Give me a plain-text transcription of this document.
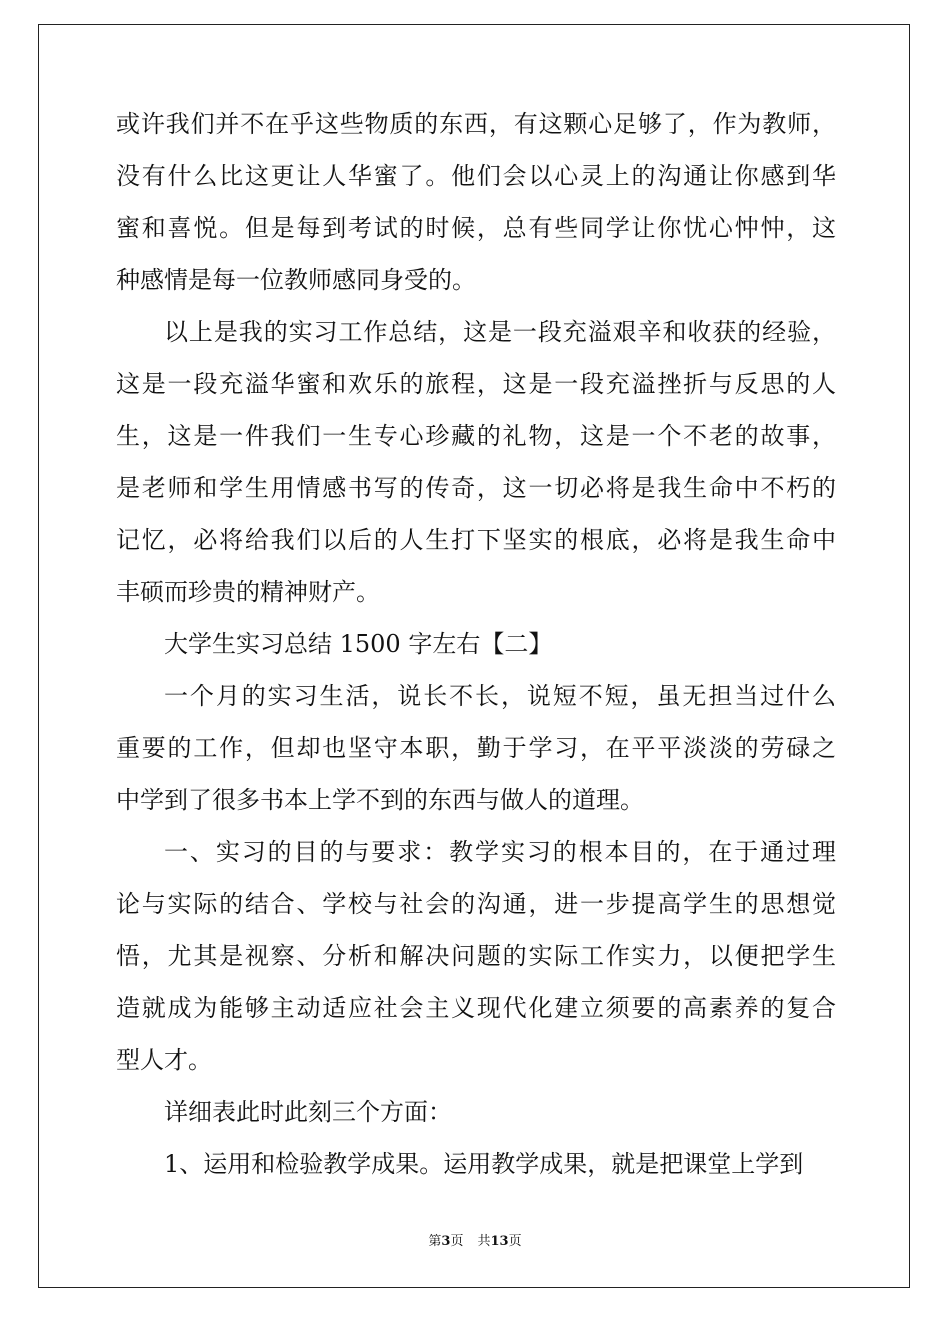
或许我们并不在乎这些物质的东西，有这颗心足够了，作为教师，
没有什么比这更让人华蜜了。他们会以心灵上的沟通让你感到华
蜜和喜悦。但是每到考试的时候，总有些同学让你忧心忡忡，这
种感情是每一位教师感同身受的。
以上是我的实习工作总结，这是一段充溢艰辛和收获的经验，
这是一段充溢华蜜和欢乐的旅程，这是一段充溢挫折与反思的人
生，这是一件我们一生专心珍藏的礼物，这是一个不老的故事，
是老师和学生用情感书写的传奇，这一切必将是我生命中不朽的
记忆，必将给我们以后的人生打下坚实的根底，必将是我生命中
丰硕而珍贵的精神财产。
大学生实习总结 1500 字左右【二】
一个月的实习生活，说长不长，说短不短，虽无担当过什么
重要的工作，但却也坚守本职，勤于学习，在平平淡淡的劳碌之
中学到了很多书本上学不到的东西与做人的道理。
一、实习的目的与要求：教学实习的根本目的，在于通过理
论与实际的结合、学校与社会的沟通，进一步提高学生的思想觉
悟，尤其是视察、分析和解决问题的实际工作实力，以便把学生
造就成为能够主动适应社会主义现代化建立须要的高素养的复合
型人才。
详细表此时此刻三个方面：
1、运用和检验教学成果。运用教学成果，就是把课堂上学到
第3页 共13页
